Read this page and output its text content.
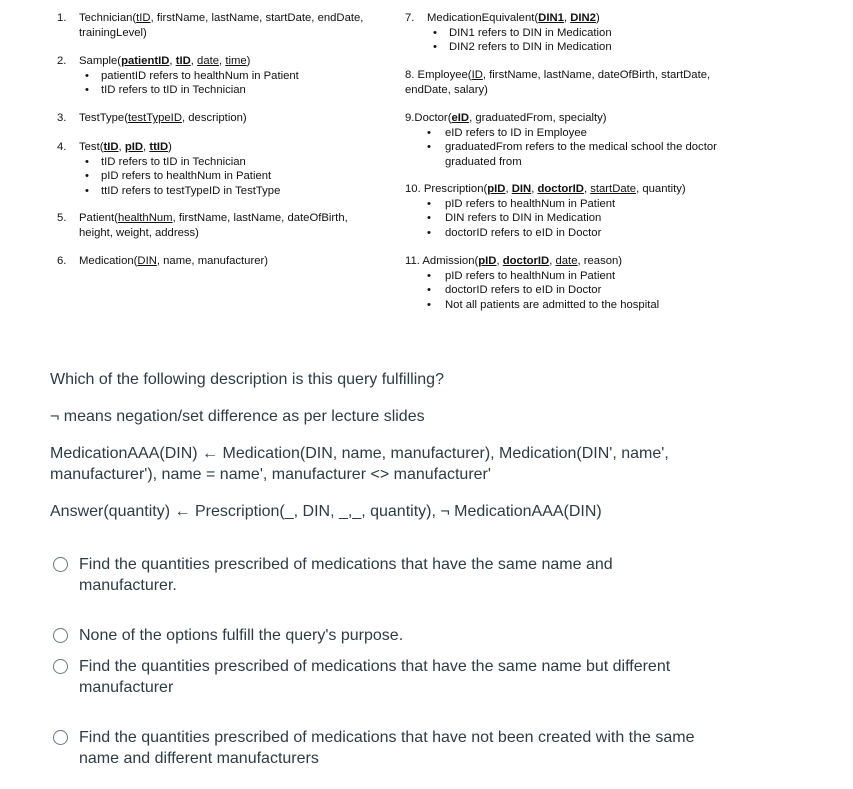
1.	Technician(tID, firstName, lastName, startDate, endDate,
trainingLevel)
2.	Sample(patientID, tID, date, time)
• patientID refers to healthNum in Patient
• tID refers to tID in Technician
3.	TestType(testTypeID, description)
4.	Test(tID, pID, ttID)
• tID refers to tID in Technician
• pID refers to healthNum in Patient
• ttID refers to testTypeID in TestType
5.	Patient(healthNum, firstName, lastName, dateOfBirth,
height, weight, address)
6.	Medication(DIN, name, manufacturer)
7.	MedicationEquivalent(DIN1, DIN2)
• DIN1 refers to DIN in Medication
• DIN2 refers to DIN in Medication
8. Employee(ID, firstName, lastName, dateOfBirth, startDate,
endDate, salary)
9.Doctor(eID, graduatedFrom, specialty)
• eID refers to ID in Employee
• graduatedFrom refers to the medical school the doctor graduated from
10. Prescription(pID, DIN, doctorID, startDate, quantity)
• pID refers to healthNum in Patient
• DIN refers to DIN in Medication
• doctorID refers to eID in Doctor
11. Admission(pID, doctorID, date, reason)
• pID refers to healthNum in Patient
• doctorID refers to eID in Doctor
• Not all patients are admitted to the hospital
Which of the following description is this query fulfilling?
¬ means negation/set difference as per lecture slides
MedicationAAA(DIN) ← Medication(DIN, name, manufacturer), Medication(DIN', name', manufacturer'), name = name', manufacturer <> manufacturer'
Answer(quantity) ← Prescription(_, DIN, _,_, quantity), ¬ MedicationAAA(DIN)
Find the quantities prescribed of medications that have the same name and manufacturer.
None of the options fulfill the query's purpose.
Find the quantities prescribed of medications that have the same name but different manufacturer
Find the quantities prescribed of medications that have not been created with the same name and different manufacturers
